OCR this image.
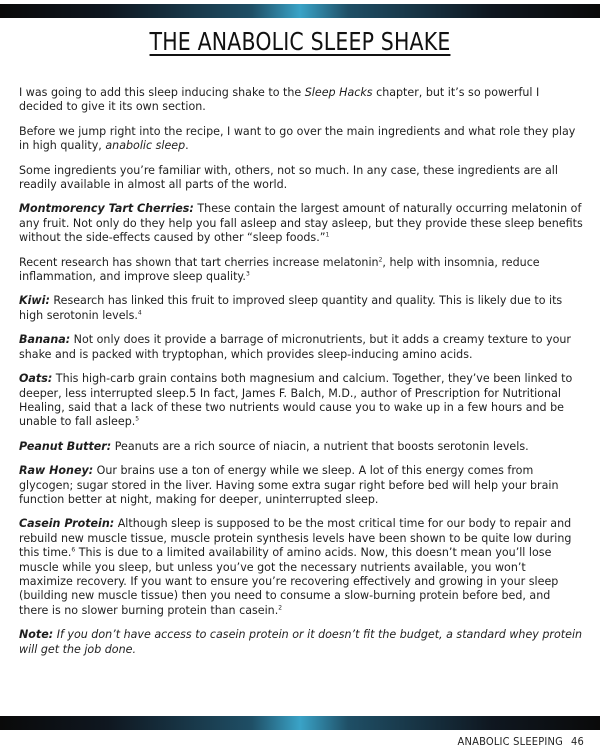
THE ANABOLIC SLEEP SHAKE

I was going to add this sleep inducing shake to the Sleep Hacks chapter, but it’s so powerful I decided to give it its own section.

Before we jump right into the recipe, I want to go over the main ingredients and what role they play in high quality, anabolic sleep.

Some ingredients you’re familiar with, others, not so much. In any case, these ingredients are all readily available in almost all parts of the world.

Montmorency Tart Cherries: These contain the largest amount of naturally occurring melatonin of any fruit. Not only do they help you fall asleep and stay asleep, but they provide these sleep benefits without the side-effects caused by other “sleep foods.”$^1$

Recent research has shown that tart cherries increase melatonin$^2$, help with insomnia, reduce inflammation, and improve sleep quality.$^3$

Kiwi: Research has linked this fruit to improved sleep quantity and quality. This is likely due to its high serotonin levels.$^4$

Banana: Not only does it provide a barrage of micronutrients, but it adds a creamy texture to your shake and is packed with tryptophan, which provides sleep-inducing amino acids.

Oats: This high-carb grain contains both magnesium and calcium. Together, they’ve been linked to deeper, less interrupted sleep.5 In fact, James F. Balch, M.D., author of Prescription for Nutritional Healing, said that a lack of these two nutrients would cause you to wake up in a few hours and be unable to fall asleep.$^5$

Peanut Butter: Peanuts are a rich source of niacin, a nutrient that boosts serotonin levels.

Raw Honey: Our brains use a ton of energy while we sleep. A lot of this energy comes from glycogen; sugar stored in the liver. Having some extra sugar right before bed will help your brain function better at night, making for deeper, uninterrupted sleep.

Casein Protein: Although sleep is supposed to be the most critical time for our body to repair and rebuild new muscle tissue, muscle protein synthesis levels have been shown to be quite low during this time.$^6$ This is due to a limited availability of amino acids. Now, this doesn’t mean you’ll lose muscle while you sleep, but unless you’ve got the necessary nutrients available, you won’t maximize recovery. If you want to ensure you’re recovering effectively and growing in your sleep (building new muscle tissue) then you need to consume a slow-burning protein before bed, and there is no slower burning protein than casein.$^2$

Note: If you don’t have access to casein protein or it doesn’t fit the budget, a standard whey protein will get the job done.

ANABOLIC SLEEPING 46
